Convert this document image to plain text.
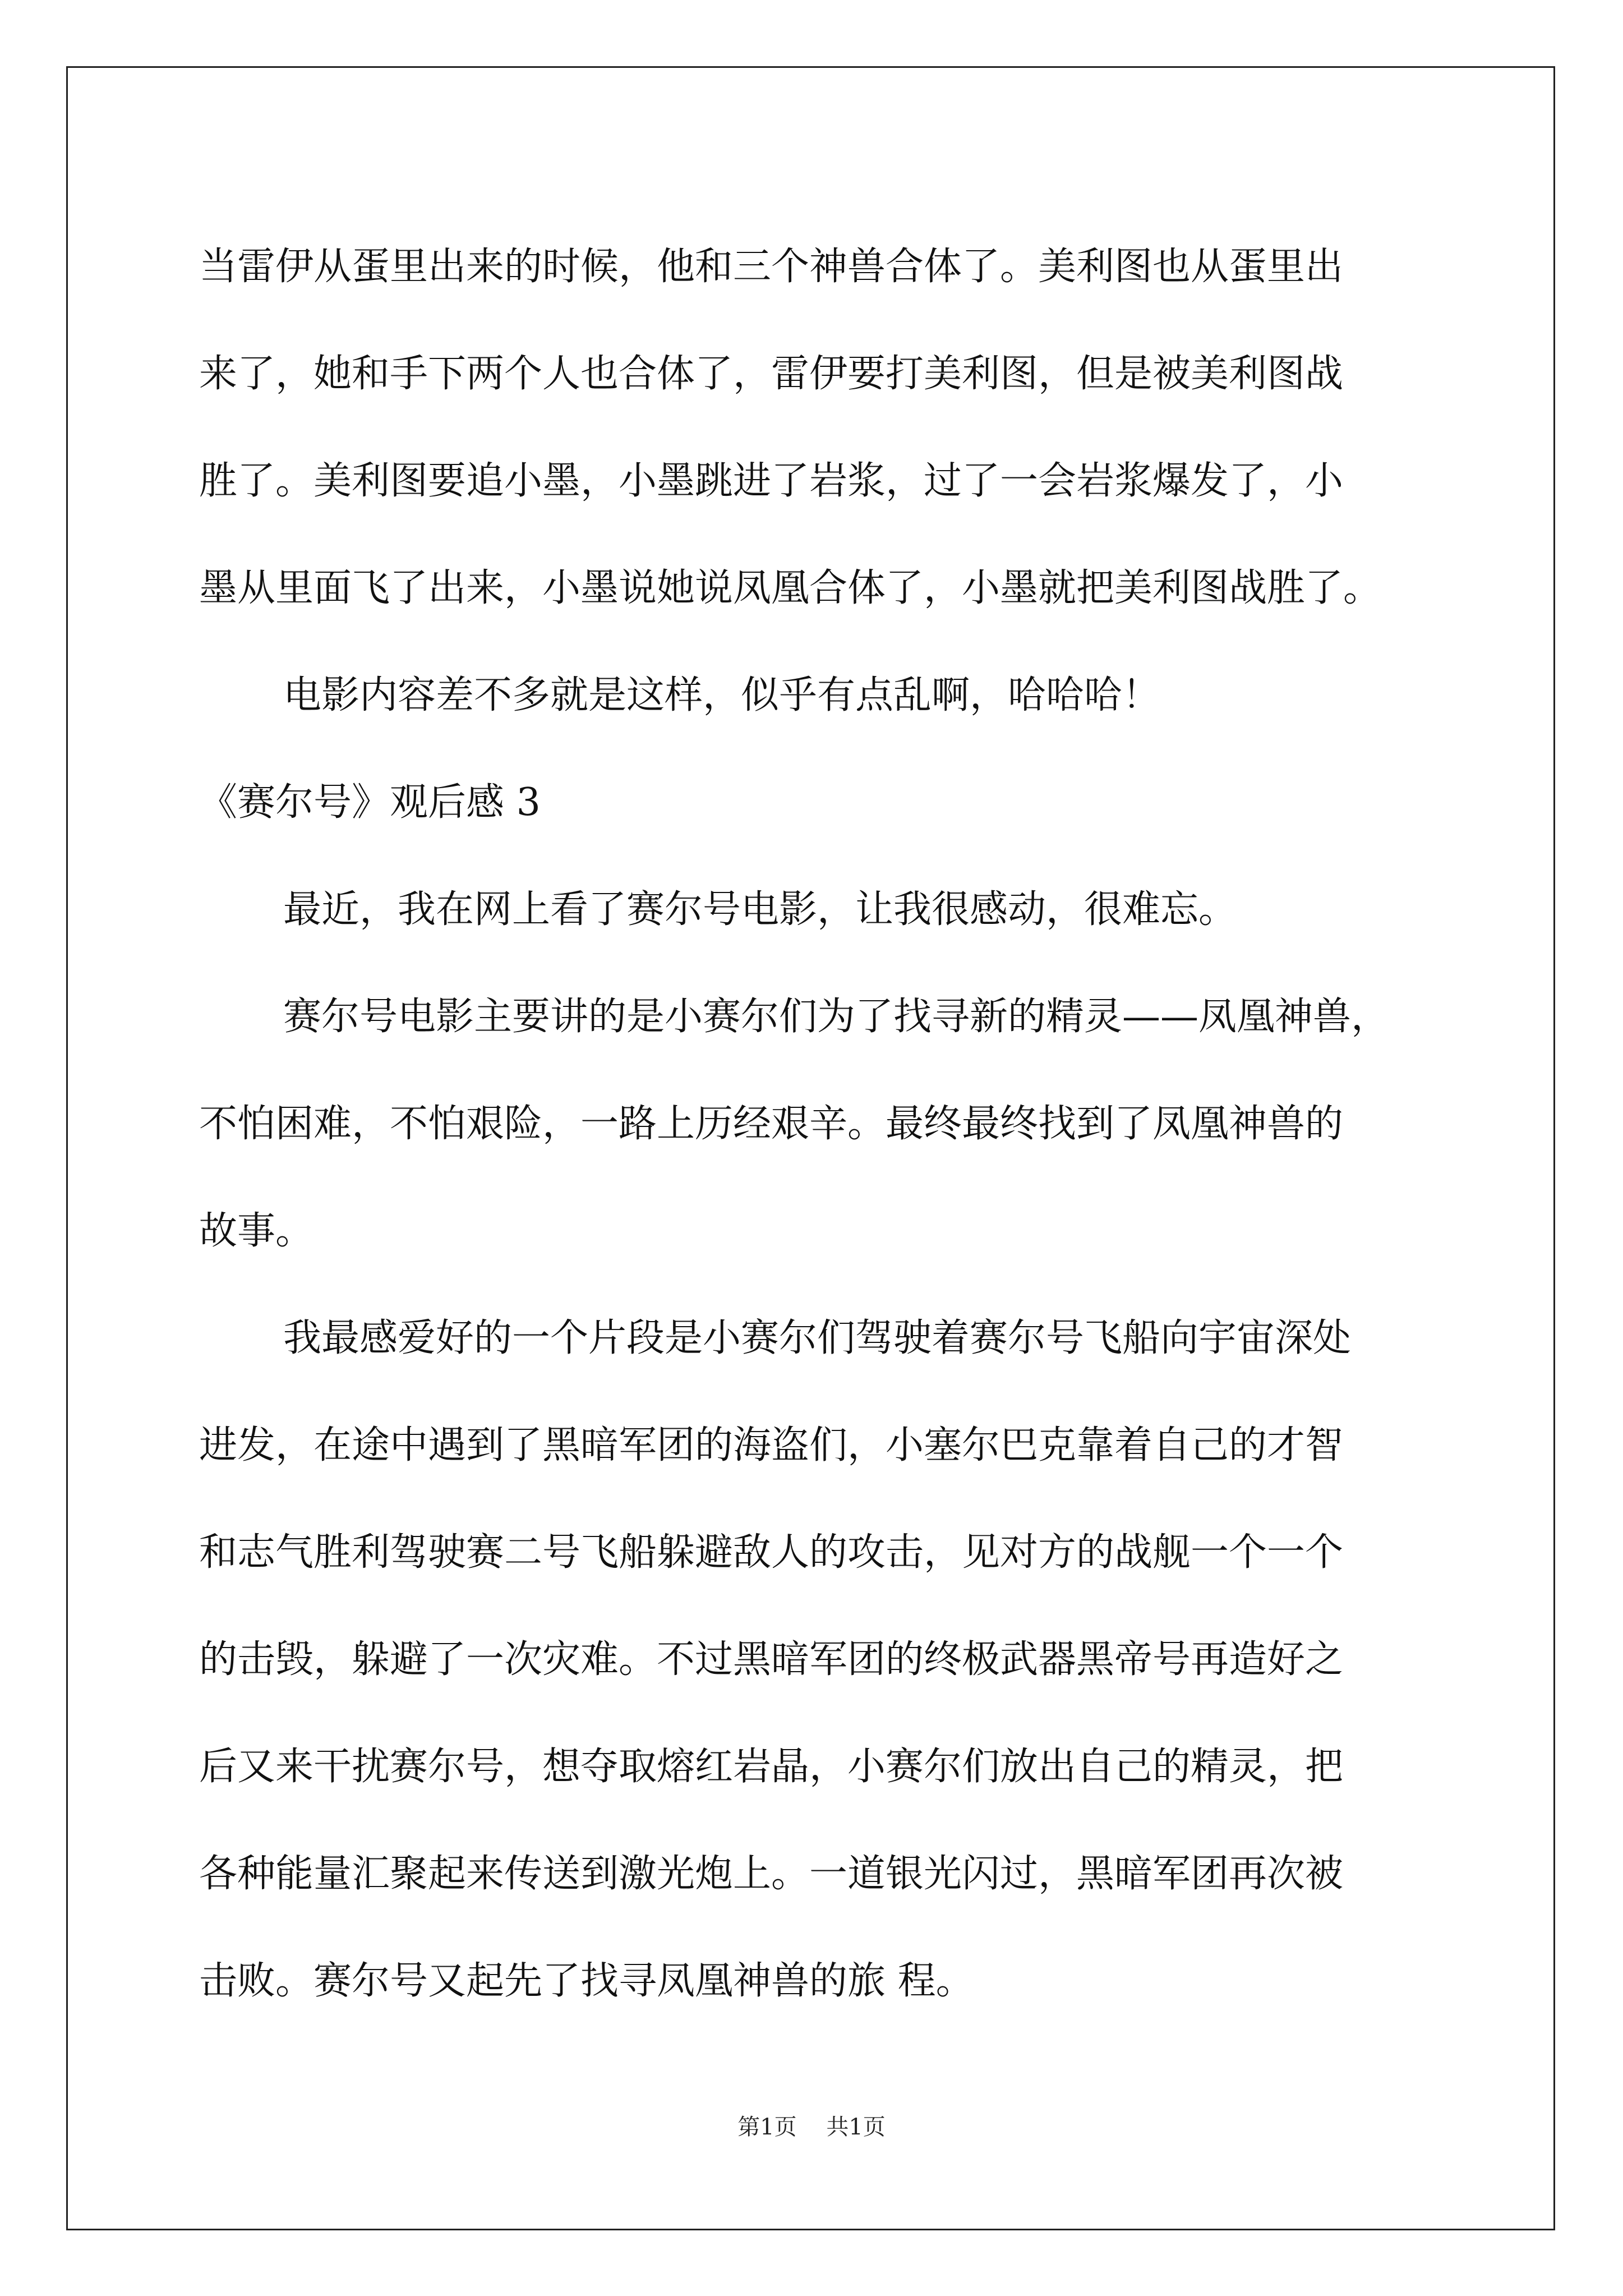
当雷伊从蛋里出来的时候，他和三个神兽合体了。美利图也从蛋里出
来了，她和手下两个人也合体了，雷伊要打美利图，但是被美利图战
胜了。美利图要追小墨，小墨跳进了岩浆，过了一会岩浆爆发了，小
墨从里面飞了出来，小墨说她说凤凰合体了，小墨就把美利图战胜了。
电影内容差不多就是这样，似乎有点乱啊，哈哈哈！
《赛尔号》观后感 3
最近，我在网上看了赛尔号电影，让我很感动，很难忘。
赛尔号电影主要讲的是小赛尔们为了找寻新的精灵——凤凰神兽，
不怕困难，不怕艰险，一路上历经艰辛。最终最终找到了凤凰神兽的
故事。
我最感爱好的一个片段是小赛尔们驾驶着赛尔号飞船向宇宙深处
进发，在途中遇到了黑暗军团的海盗们，小塞尔巴克靠着自己的才智
和志气胜利驾驶赛二号飞船躲避敌人的攻击，见对方的战舰一个一个
的击毁，躲避了一次灾难。不过黑暗军团的终极武器黑帝号再造好之
后又来干扰赛尔号，想夺取熔红岩晶，小赛尔们放出自己的精灵，把
各种能量汇聚起来传送到激光炮上。一道银光闪过，黑暗军团再次被
击败。赛尔号又起先了找寻凤凰神兽的旅 程。
第1页 共1页
